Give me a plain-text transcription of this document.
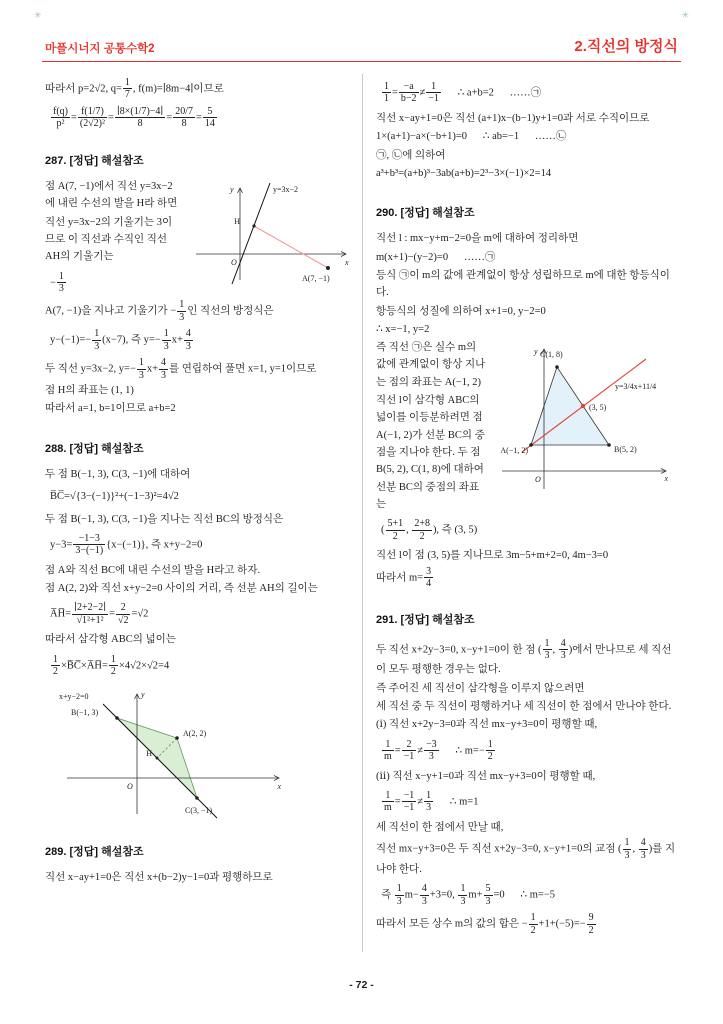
✳	✳
마플시너지 공통수학2	2.직선의 방정식
따라서 p=2√2, $q= \frac{1}{7}$ , f(m)=∣8m−4∣이므로
$\frac{f(q)}{\text{p²}} = \frac{f(1/7)}{\text{(2√2)²}} = \frac{∣8\times(1/7)-4∣}{8} = \frac{20/7}{8} = \frac{5}{14}$
287. [정답] 해설참조
y=3x−2
H
O
A(7, −1)
x
y
점 A(7, −1)에서 직선 y=3x−2에 내린 수선의 발을 H라 하면
직선 y=3x−2의 기울기는 3이므로 이 직선과 수직인 직선 AH의 기울기는
− $\frac{1}{3}$
A(7, −1)을 지나고 기울기가 − $\frac{1}{3}$ 인 직선의 방정식은
$y-(-1)=- \frac{1}{3} (x-7)$, 즉 $y=- \frac{1}{3} x+ \frac{4}{3}$
두 직선 y=3x−2, $y=- \frac{1}{3} x+ \frac{4}{3}$ 를 연립하여 풀면 x=1, y=1이므로
점 H의 좌표는 (1, 1)
따라서 a=1, b=1이므로 a+b=2
288. [정답] 해설참조
두 점 B(−1, 3), C(3, −1)에 대하여
B̅C̅=√{3−(−1)}²+(−1−3)²=4√2
두 점 B(−1, 3), C(3, −1)을 지나는 직선 BC의 방정식은
$y-3= \frac{-1-3}{3-(-1)} \{x-(-1)\}$, 즉 x+y−2=0
점 A와 직선 BC에 내린 수선의 발을 H라고 하자.
점 A(2, 2)와 직선 x+y−2=0 사이의 거리, 즉 선분 AH의 길이는
A̅H̅= $\frac{∣2+2-2∣}{\text{√1²+1²}} = \frac{2}{√2} =√2$
따라서 삼각형 ABC의 넓이는
$\frac{1}{2}$ ×B̅C̅×A̅H̅= $\frac{1}{2} \times 4√2\times√2=4$
x+y−2=0
B(−1, 3)
A(2, 2)
H
C(3, −1)
O	x
y
289. [정답] 해설참조
직선 x−ay+1=0은 직선 x+(b−2)y−1=0과 평행하므로
$\frac{1}{1} = \frac{-a}{b-2} \ne \frac{1}{-1}$ ∴ a+b=2      ……㉠
직선 x−ay+1=0은 직선 (a+1)x−(b−1)y+1=0과 서로 수직이므로
1×(a+1)−a×(−b+1)=0      ∴ ab=−1      ……㉡
㉠, ㉡에 의하여
a³+b³=(a+b)³−3ab(a+b)=2³−3×(−1)×2=14
290. [정답] 해설참조
직선 l : mx−y+m−2=0을 m에 대하여 정리하면
m(x+1)−(y−2)=0      ……㉠
등식 ㉠이 m의 값에 관계없이 항상 성립하므로 m에 대한 항등식이다.
항등식의 성질에 의하여 x+1=0, y−2=0
∴ x=−1, y=2
C(1, 8)
y=3/4x+11/4
(3, 5)
A(−1, 2)	B(5, 2)
O	x
y
즉 직선 ㉠은 실수 m의 값에 관계없이 항상 지나는 점의 좌표는 A(−1, 2)
직선 l이 삼각형 ABC의 넓이를 이등분하려면 점 A(−1, 2)가 선분 BC의 중점을 지나야 한다. 두 점 B(5, 2), C(1, 8)에 대하여 선분 BC의 중점의 좌표는
( $\frac{5+1}{2}$ , $\frac{2+8}{2}$ ), 즉 (3, 5)
직선 l이 점 (3, 5)를 지나므로 3m−5+m+2=0, 4m−3=0
따라서 $m= \frac{3}{4}$
291. [정답] 해설참조
두 직선 x+2y−3=0, x−y+1=0이 한 점 ( $\frac{1}{3}$ , $\frac{4}{3}$ )에서 만나므로 세 직선이 모두 평행한 경우는 없다.
즉 주어진 세 직선이 삼각형을 이루지 않으려면
세 직선 중 두 직선이 평행하거나 세 직선이 한 점에서 만나야 한다.
(ⅰ) 직선 x+2y−3=0과 직선 mx−y+3=0이 평행할 때,
$\frac{1}{m} = \frac{2}{-1} \ne \frac{-3}{3}$ ∴ $m=- \frac{1}{2}$
(ⅱ) 직선 x−y+1=0과 직선 mx−y+3=0이 평행할 때,
$\frac{1}{m} = \frac{-1}{-1} \ne \frac{1}{3}$ ∴ m=1
세 직선이 한 점에서 만날 때,
직선 mx−y+3=0은 두 직선 x+2y−3=0, x−y+1=0의 교점 ( $\frac{1}{3}$ , $\frac{4}{3}$ )를 지나야 한다.
즉 $\frac{1}{3} m- \frac{4}{3} +3=0$, $\frac{1}{3} m+ \frac{5}{3} =0$      ∴ m=−5
따라서 모든 상수 m의 값의 합은 − $\frac{1}{2} +1+(-5)=- \frac{9}{2}$
- 72 -
